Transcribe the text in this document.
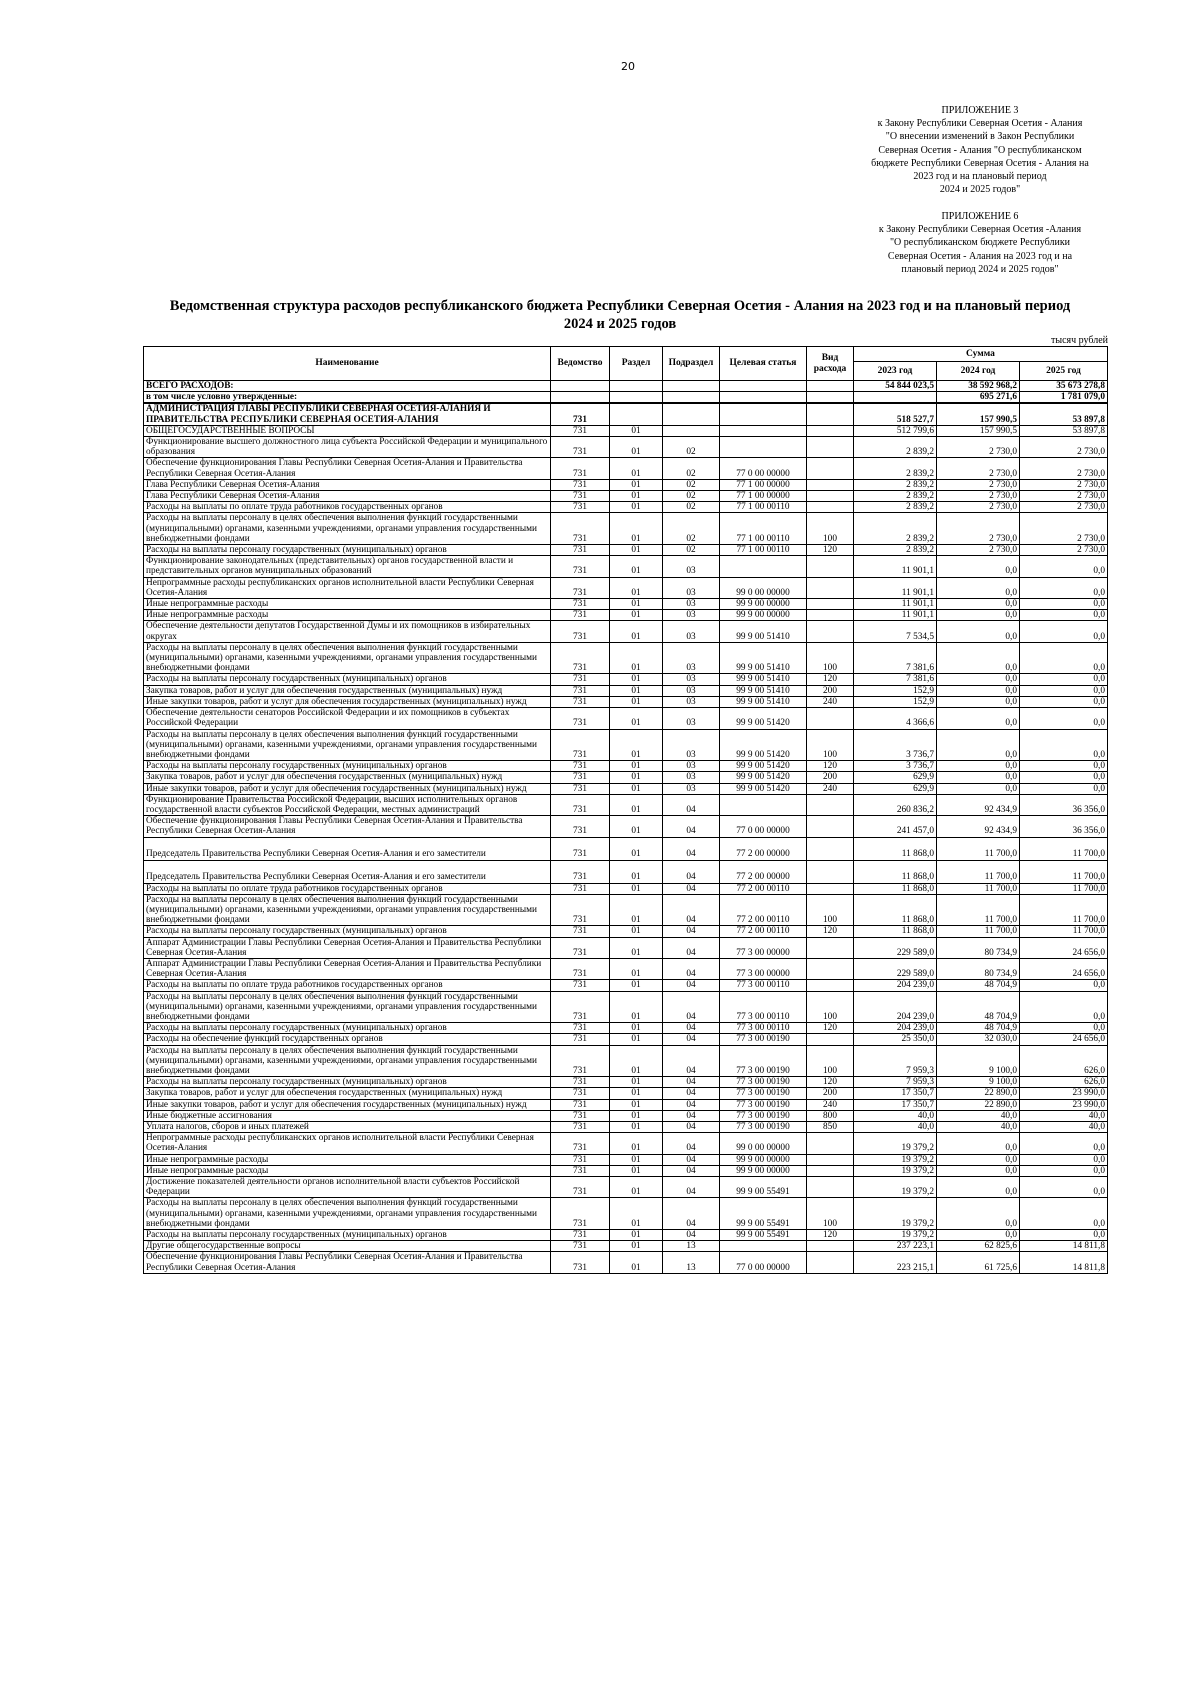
20
ПРИЛОЖЕНИЕ 3
к Закону Республики Северная Осетия - Алания
"О внесении изменений в Закон Республики
Северная Осетия - Алания "О республиканском
бюджете Республики Северная Осетия - Алания на
2023 год и на плановый период
2024 и 2025 годов"
ПРИЛОЖЕНИЕ 6
к Закону Республики Северная Осетия -Алания
"О республиканском бюджете Республики
Северная Осетия - Алания на 2023 год и на
плановый период 2024 и 2025 годов"
Ведомственная структура расходов республиканского бюджета Республики Северная Осетия - Алания на 2023 год и на плановый период
2024 и 2025 годов
тысяч рублей
Наименование	Ведомство	Раздел	Подраздел	Целевая статья	Вид расхода	Сумма		
						2023 год	2024 год	2025 год
ВСЕГО РАСХОДОВ:						54 844 023,5	38 592 968,2	35 673 278,8
в том числе условно утвержденные:							695 271,6	1 781 079,0
АДМИНИСТРАЦИЯ ГЛАВЫ РЕСПУБЛИКИ СЕВЕРНАЯ ОСЕТИЯ-АЛАНИЯ И ПРАВИТЕЛЬСТВА РЕСПУБЛИКИ СЕВЕРНАЯ ОСЕТИЯ-АЛАНИЯ	731					518 527,7	157 990,5	53 897,8
ОБЩЕГОСУДАРСТВЕННЫЕ ВОПРОСЫ	731	01				512 799,6	157 990,5	53 897,8
Функционирование высшего должностного лица субъекта Российской Федерации и муниципального образования	731	01	02			2 839,2	2 730,0	2 730,0
Обеспечение функционирования Главы Республики Северная Осетия-Алания и Правительства Республики Северная Осетия-Алания	731	01	02	77 0 00 00000		2 839,2	2 730,0	2 730,0
Глава Республики Северная Осетия-Алания	731	01	02	77 1 00 00000		2 839,2	2 730,0	2 730,0
Глава Республики Северная Осетия-Алания	731	01	02	77 1 00 00000		2 839,2	2 730,0	2 730,0
Расходы на выплаты по оплате труда работников государственных органов	731	01	02	77 1 00 00110		2 839,2	2 730,0	2 730,0
Расходы на выплаты персоналу в целях обеспечения выполнения функций государственными (муниципальными) органами, казенными учреждениями, органами управления государственными внебюджетными фондами	731	01	02	77 1 00 00110	100	2 839,2	2 730,0	2 730,0
Расходы на выплаты персоналу государственных (муниципальных) органов	731	01	02	77 1 00 00110	120	2 839,2	2 730,0	2 730,0
Функционирование законодательных (представительных) органов государственной власти и представительных органов муниципальных образований	731	01	03			11 901,1	0,0	0,0
Непрограммные расходы республиканских органов исполнительной власти Республики Северная Осетия-Алания	731	01	03	99 0 00 00000		11 901,1	0,0	0,0
Иные непрограммные расходы	731	01	03	99 9 00 00000		11 901,1	0,0	0,0
Иные непрограммные расходы	731	01	03	99 9 00 00000		11 901,1	0,0	0,0
Обеспечение деятельности депутатов Государственной Думы и их помощников в избирательных округах	731	01	03	99 9 00 51410		7 534,5	0,0	0,0
Расходы на выплаты персоналу в целях обеспечения выполнения функций государственными (муниципальными) органами, казенными учреждениями, органами управления государственными внебюджетными фондами	731	01	03	99 9 00 51410	100	7 381,6	0,0	0,0
Расходы на выплаты персоналу государственных (муниципальных) органов	731	01	03	99 9 00 51410	120	7 381,6	0,0	0,0
Закупка товаров, работ и услуг для обеспечения государственных (муниципальных) нужд	731	01	03	99 9 00 51410	200	152,9	0,0	0,0
Иные закупки товаров, работ и услуг для обеспечения государственных (муниципальных) нужд	731	01	03	99 9 00 51410	240	152,9	0,0	0,0
Обеспечение деятельности сенаторов Российской Федерации и их помощников в субъектах Российской Федерации	731	01	03	99 9 00 51420		4 366,6	0,0	0,0
Расходы на выплаты персоналу в целях обеспечения выполнения функций государственными (муниципальными) органами, казенными учреждениями, органами управления государственными внебюджетными фондами	731	01	03	99 9 00 51420	100	3 736,7	0,0	0,0
Расходы на выплаты персоналу государственных (муниципальных) органов	731	01	03	99 9 00 51420	120	3 736,7	0,0	0,0
Закупка товаров, работ и услуг для обеспечения государственных (муниципальных) нужд	731	01	03	99 9 00 51420	200	629,9	0,0	0,0
Иные закупки товаров, работ и услуг для обеспечения государственных (муниципальных) нужд	731	01	03	99 9 00 51420	240	629,9	0,0	0,0
Функционирование Правительства Российской Федерации, высших исполнительных органов государственной власти субъектов Российской Федерации, местных администраций	731	01	04			260 836,2	92 434,9	36 356,0
Обеспечение функционирования Главы Республики Северная Осетия-Алания и Правительства Республики Северная Осетия-Алания	731	01	04	77 0 00 00000		241 457,0	92 434,9	36 356,0
Председатель Правительства Республики Северная Осетия-Алания и его заместители	731	01	04	77 2 00 00000		11 868,0	11 700,0	11 700,0
Председатель Правительства Республики Северная Осетия-Алания и его заместители	731	01	04	77 2 00 00000		11 868,0	11 700,0	11 700,0
Расходы на выплаты по оплате труда работников государственных органов	731	01	04	77 2 00 00110		11 868,0	11 700,0	11 700,0
Расходы на выплаты персоналу в целях обеспечения выполнения функций государственными (муниципальными) органами, казенными учреждениями, органами управления государственными внебюджетными фондами	731	01	04	77 2 00 00110	100	11 868,0	11 700,0	11 700,0
Расходы на выплаты персоналу государственных (муниципальных) органов	731	01	04	77 2 00 00110	120	11 868,0	11 700,0	11 700,0
Аппарат Администрации Главы Республики Северная Осетия-Алания и Правительства Республики Северная Осетия-Алания	731	01	04	77 3 00 00000		229 589,0	80 734,9	24 656,0
Аппарат Администрации Главы Республики Северная Осетия-Алания и Правительства Республики Северная Осетия-Алания	731	01	04	77 3 00 00000		229 589,0	80 734,9	24 656,0
Расходы на выплаты по оплате труда работников государственных органов	731	01	04	77 3 00 00110		204 239,0	48 704,9	0,0
Расходы на выплаты персоналу в целях обеспечения выполнения функций государственными (муниципальными) органами, казенными учреждениями, органами управления государственными внебюджетными фондами	731	01	04	77 3 00 00110	100	204 239,0	48 704,9	0,0
Расходы на выплаты персоналу государственных (муниципальных) органов	731	01	04	77 3 00 00110	120	204 239,0	48 704,9	0,0
Расходы на обеспечение функций государственных органов	731	01	04	77 3 00 00190		25 350,0	32 030,0	24 656,0
Расходы на выплаты персоналу в целях обеспечения выполнения функций государственными (муниципальными) органами, казенными учреждениями, органами управления государственными внебюджетными фондами	731	01	04	77 3 00 00190	100	7 959,3	9 100,0	626,0
Расходы на выплаты персоналу государственных (муниципальных) органов	731	01	04	77 3 00 00190	120	7 959,3	9 100,0	626,0
Закупка товаров, работ и услуг для обеспечения государственных (муниципальных) нужд	731	01	04	77 3 00 00190	200	17 350,7	22 890,0	23 990,0
Иные закупки товаров, работ и услуг для обеспечения государственных (муниципальных) нужд	731	01	04	77 3 00 00190	240	17 350,7	22 890,0	23 990,0
Иные бюджетные ассигнования	731	01	04	77 3 00 00190	800	40,0	40,0	40,0
Уплата налогов, сборов и иных платежей	731	01	04	77 3 00 00190	850	40,0	40,0	40,0
Непрограммные расходы республиканских органов исполнительной власти Республики Северная Осетия-Алания	731	01	04	99 0 00 00000		19 379,2	0,0	0,0
Иные непрограммные расходы	731	01	04	99 9 00 00000		19 379,2	0,0	0,0
Иные непрограммные расходы	731	01	04	99 9 00 00000		19 379,2	0,0	0,0
Достижение показателей деятельности органов исполнительной власти субъектов Российской Федерации	731	01	04	99 9 00 55491		19 379,2	0,0	0,0
Расходы на выплаты персоналу в целях обеспечения выполнения функций государственными (муниципальными) органами, казенными учреждениями, органами управления государственными внебюджетными фондами	731	01	04	99 9 00 55491	100	19 379,2	0,0	0,0
Расходы на выплаты персоналу государственных (муниципальных) органов	731	01	04	99 9 00 55491	120	19 379,2	0,0	0,0
Другие общегосударственные вопросы	731	01	13			237 223,1	62 825,6	14 811,8
Обеспечение функционирования Главы Республики Северная Осетия-Алания и Правительства Республики Северная Осетия-Алания	731	01	13	77 0 00 00000		223 215,1	61 725,6	14 811,8
